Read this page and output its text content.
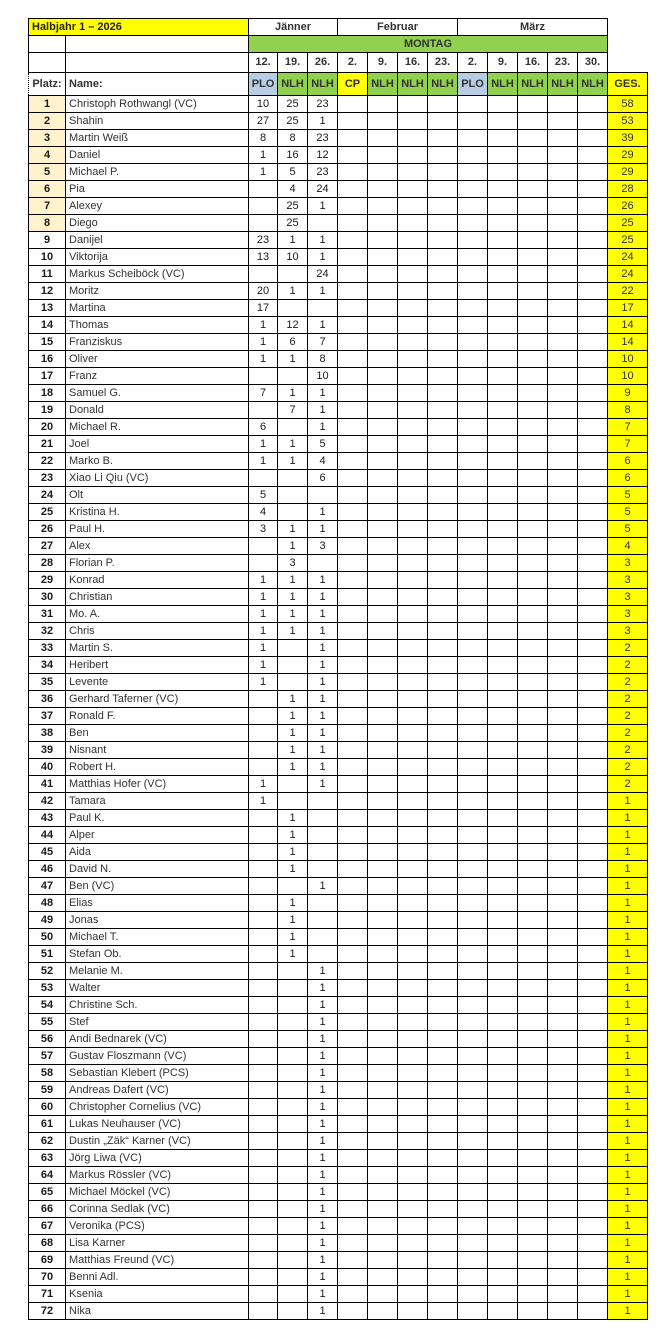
Halbjahr 1 – 2026		Jänner			Februar				März					
		MONTAG												
		12.	19.	26.	2.	9.	16.	23.	2.	9.	16.	23.	30.	
Platz:	Name:	PLO	NLH	NLH	CP	NLH	NLH	NLH	PLO	NLH	NLH	NLH	NLH	GES.
1	Christoph Rothwangl (VC)	10	25	23										58
2	Shahin	27	25	1										53
3	Martin Weiß	8	8	23										39
4	Daniel	1	16	12										29
5	Michael P.	1	5	23										29
6	Pia		4	24										28
7	Alexey		25	1										26
8	Diego		25											25
9	Danijel	23	1	1										25
10	Viktorija	13	10	1										24
11	Markus Scheiböck (VC)			24										24
12	Moritz	20	1	1										22
13	Martina	17												17
14	Thomas	1	12	1										14
15	Franziskus	1	6	7										14
16	Oliver	1	1	8										10
17	Franz			10										10
18	Samuel G.	7	1	1										9
19	Donald		7	1										8
20	Michael R.	6		1										7
21	Joel	1	1	5										7
22	Marko B.	1	1	4										6
23	Xiao Li Qiu (VC)			6										6
24	Olt	5												5
25	Kristina H.	4		1										5
26	Paul H.	3	1	1										5
27	Alex		1	3										4
28	Florian P.		3											3
29	Konrad	1	1	1										3
30	Christian	1	1	1										3
31	Mo. A.	1	1	1										3
32	Chris	1	1	1										3
33	Martin S.	1		1										2
34	Heribert	1		1										2
35	Levente	1		1										2
36	Gerhard Taferner (VC)		1	1										2
37	Ronald F.		1	1										2
38	Ben		1	1										2
39	Nisnant		1	1										2
40	Robert H.		1	1										2
41	Matthias Hofer (VC)	1		1										2
42	Tamara	1												1
43	Paul K.		1											1
44	Alper		1											1
45	Aida		1											1
46	David N.		1											1
47	Ben (VC)			1										1
48	Elias		1											1
49	Jonas		1											1
50	Michael T.		1											1
51	Stefan Ob.		1											1
52	Melanie M.			1										1
53	Walter			1										1
54	Christine Sch.			1										1
55	Stef			1										1
56	Andi Bednarek (VC)			1										1
57	Gustav Floszmann (VC)			1										1
58	Sebastian Klebert (PCS)			1										1
59	Andreas Dafert (VC)			1										1
60	Christopher Cornelius (VC)			1										1
61	Lukas Neuhauser (VC)			1										1
62	Dustin „Zäk“ Karner (VC)			1										1
63	Jörg Liwa (VC)			1										1
64	Markus Rössler (VC)			1										1
65	Michael Möckel (VC)			1										1
66	Corinna Sedlak (VC)			1										1
67	Veronika (PCS)			1										1
68	Lisa Karner			1										1
69	Matthias Freund (VC)			1										1
70	Benni Adl.			1										1
71	Ksenia			1										1
72	Nika			1										1
